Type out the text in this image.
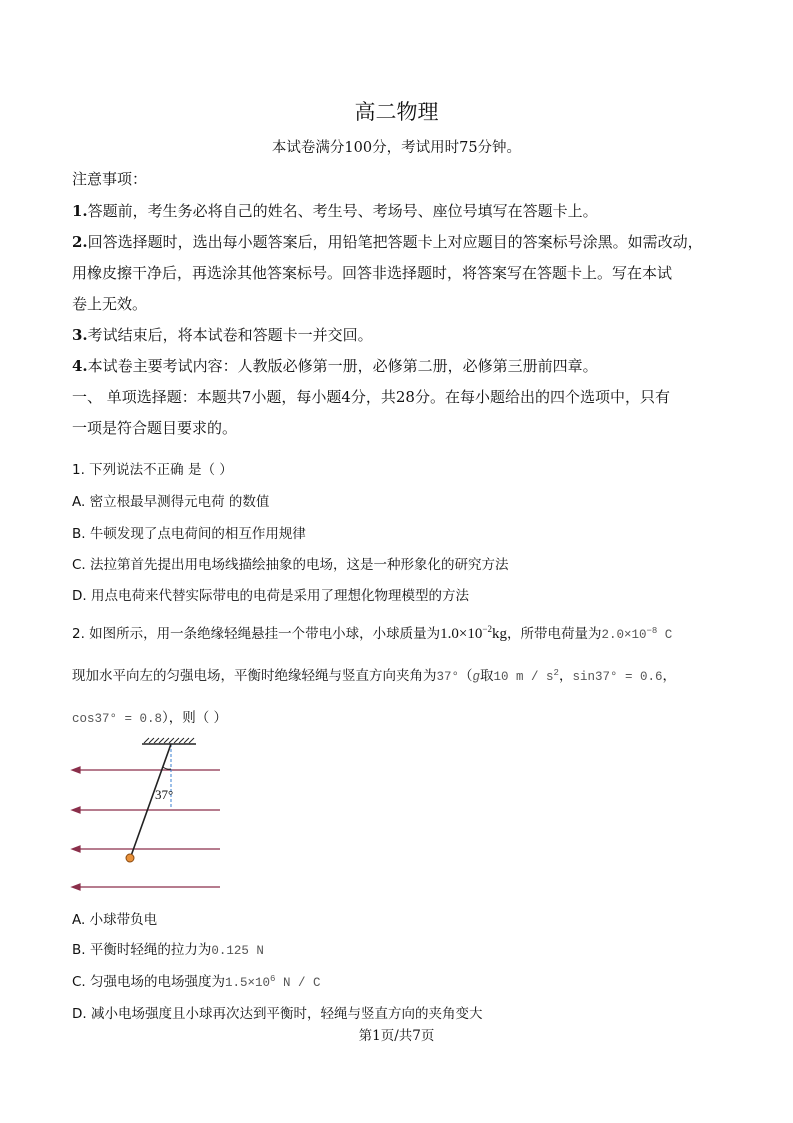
高二物理
本试卷满分100分，考试用时75分钟。
注意事项：
1.答题前，考生务必将自己的姓名、考生号、考场号、座位号填写在答题卡上。
2.回答选择题时，选出每小题答案后，用铅笔把答题卡上对应题目的答案标号涂黑。如需改动，
用橡皮擦干净后，再选涂其他答案标号。回答非选择题时，将答案写在答题卡上。写在本试
卷上无效。
3.考试结束后，将本试卷和答题卡一并交回。
4.本试卷主要考试内容：人教版必修第一册，必修第二册，必修第三册前四章。
一、 单项选择题：本题共7小题，每小题4分，共28分。在每小题给出的四个选项中，只有
一项是符合题目要求的。
1. 下列说法不正确 是（ ）
A. 密立根最早测得元电荷 的数值
B. 牛顿发现了点电荷间的相互作用规律
C. 法拉第首先提出用电场线描绘抽象的电场，这是一种形象化的研究方法
D. 用点电荷来代替实际带电的电荷是采用了理想化物理模型的方法
2. 如图所示，用一条绝缘轻绳悬挂一个带电小球，小球质量为$1.0\times 10^{-2}kg$，所带电荷量为$2.0\times 10^{-8}$ C
现加水平向左的匀强电场，平衡时绝缘轻绳与竖直方向夹角为37°（g取10 m / $s^2$，sin37° = 0.6，
cos37° = 0.8），则（ ）
37°
A. 小球带负电
B. 平衡时轻绳的拉力为0.125 N
C. 匀强电场的电场强度为$1.5\times 10^6$ N / C
D. 减小电场强度且小球再次达到平衡时，轻绳与竖直方向的夹角变大
第1页/共7页
